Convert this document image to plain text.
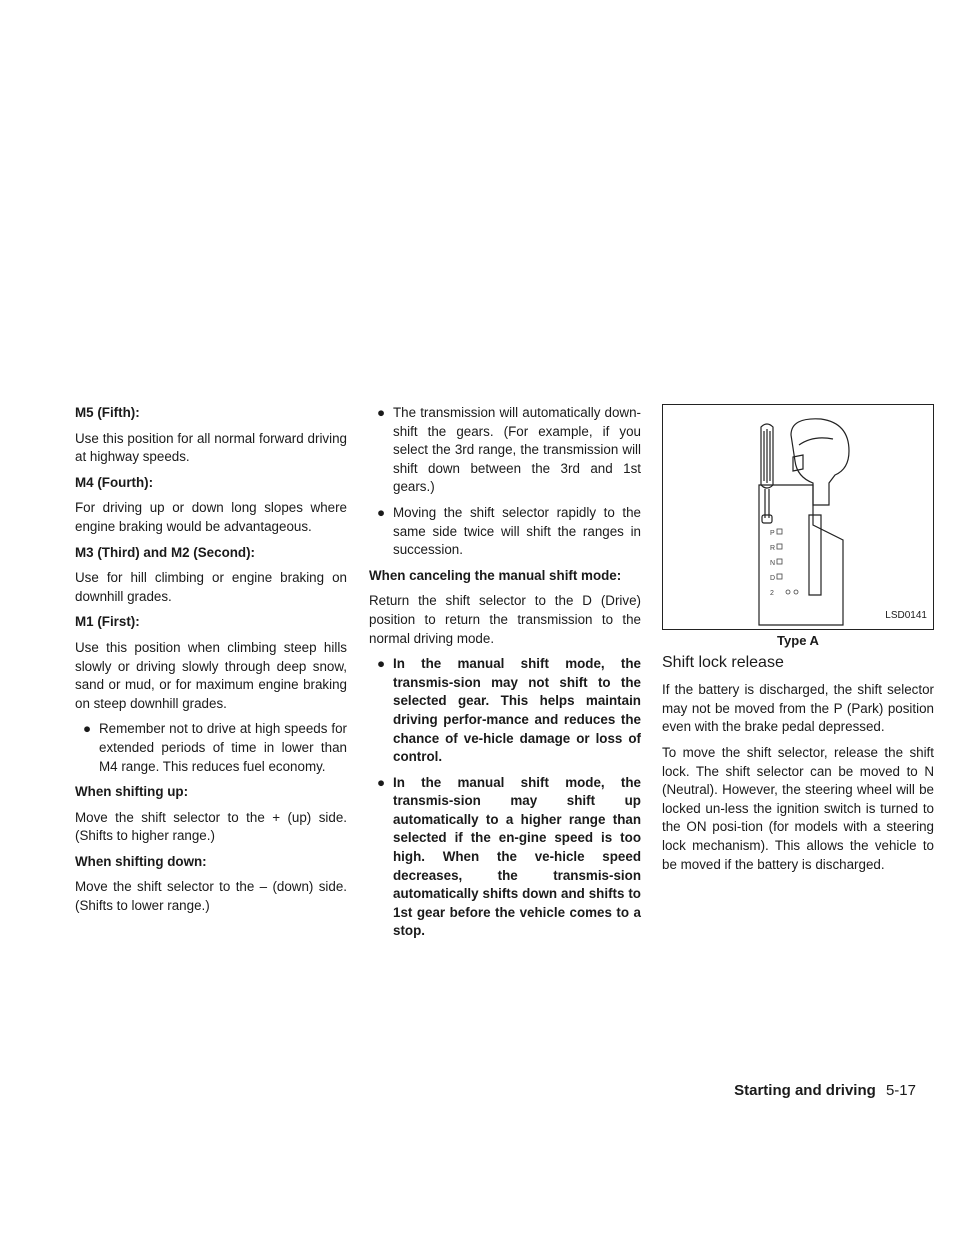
M5 (Fifth):
Use this position for all normal forward driving at highway speeds.
M4 (Fourth):
For driving up or down long slopes where engine braking would be advantageous.
M3 (Third) and M2 (Second):
Use for hill climbing or engine braking on downhill grades.
M1 (First):
Use this position when climbing steep hills slowly or driving slowly through deep snow, sand or mud, or for maximum engine braking on steep downhill grades.
● Remember not to drive at high speeds for extended periods of time in lower than M4 range. This reduces fuel economy.
When shifting up:
Move the shift selector to the + (up) side. (Shifts to higher range.)
When shifting down:
Move the shift selector to the – (down) side. (Shifts to lower range.)
● The transmission will automatically down-shift the gears. (For example, if you select the 3rd range, the transmission will shift down between the 3rd and 1st gears.)
● Moving the shift selector rapidly to the same side twice will shift the ranges in succession.
When canceling the manual shift mode:
Return the shift selector to the D (Drive) position to return the transmission to the normal driving mode.
● In the manual shift mode, the transmis-sion may not shift to the selected gear. This helps maintain driving perfor-mance and reduces the chance of ve-hicle damage or loss of control.
● In the manual shift mode, the transmis-sion may shift up automatically to a higher range than selected if the en-gine speed is too high. When the ve-hicle speed decreases, the transmis-sion automatically shifts down and shifts to 1st gear before the vehicle comes to a stop.
P
R
N
D
2
LSD0141
Type A
Shift lock release
If the battery is discharged, the shift selector may not be moved from the P (Park) position even with the brake pedal depressed.
To move the shift selector, release the shift lock. The shift selector can be moved to N (Neutral). However, the steering wheel will be locked un-less the ignition switch is turned to the ON posi-tion (for models with a steering lock mechanism). This allows the vehicle to be moved if the battery is discharged.
Starting and driving 5-17
